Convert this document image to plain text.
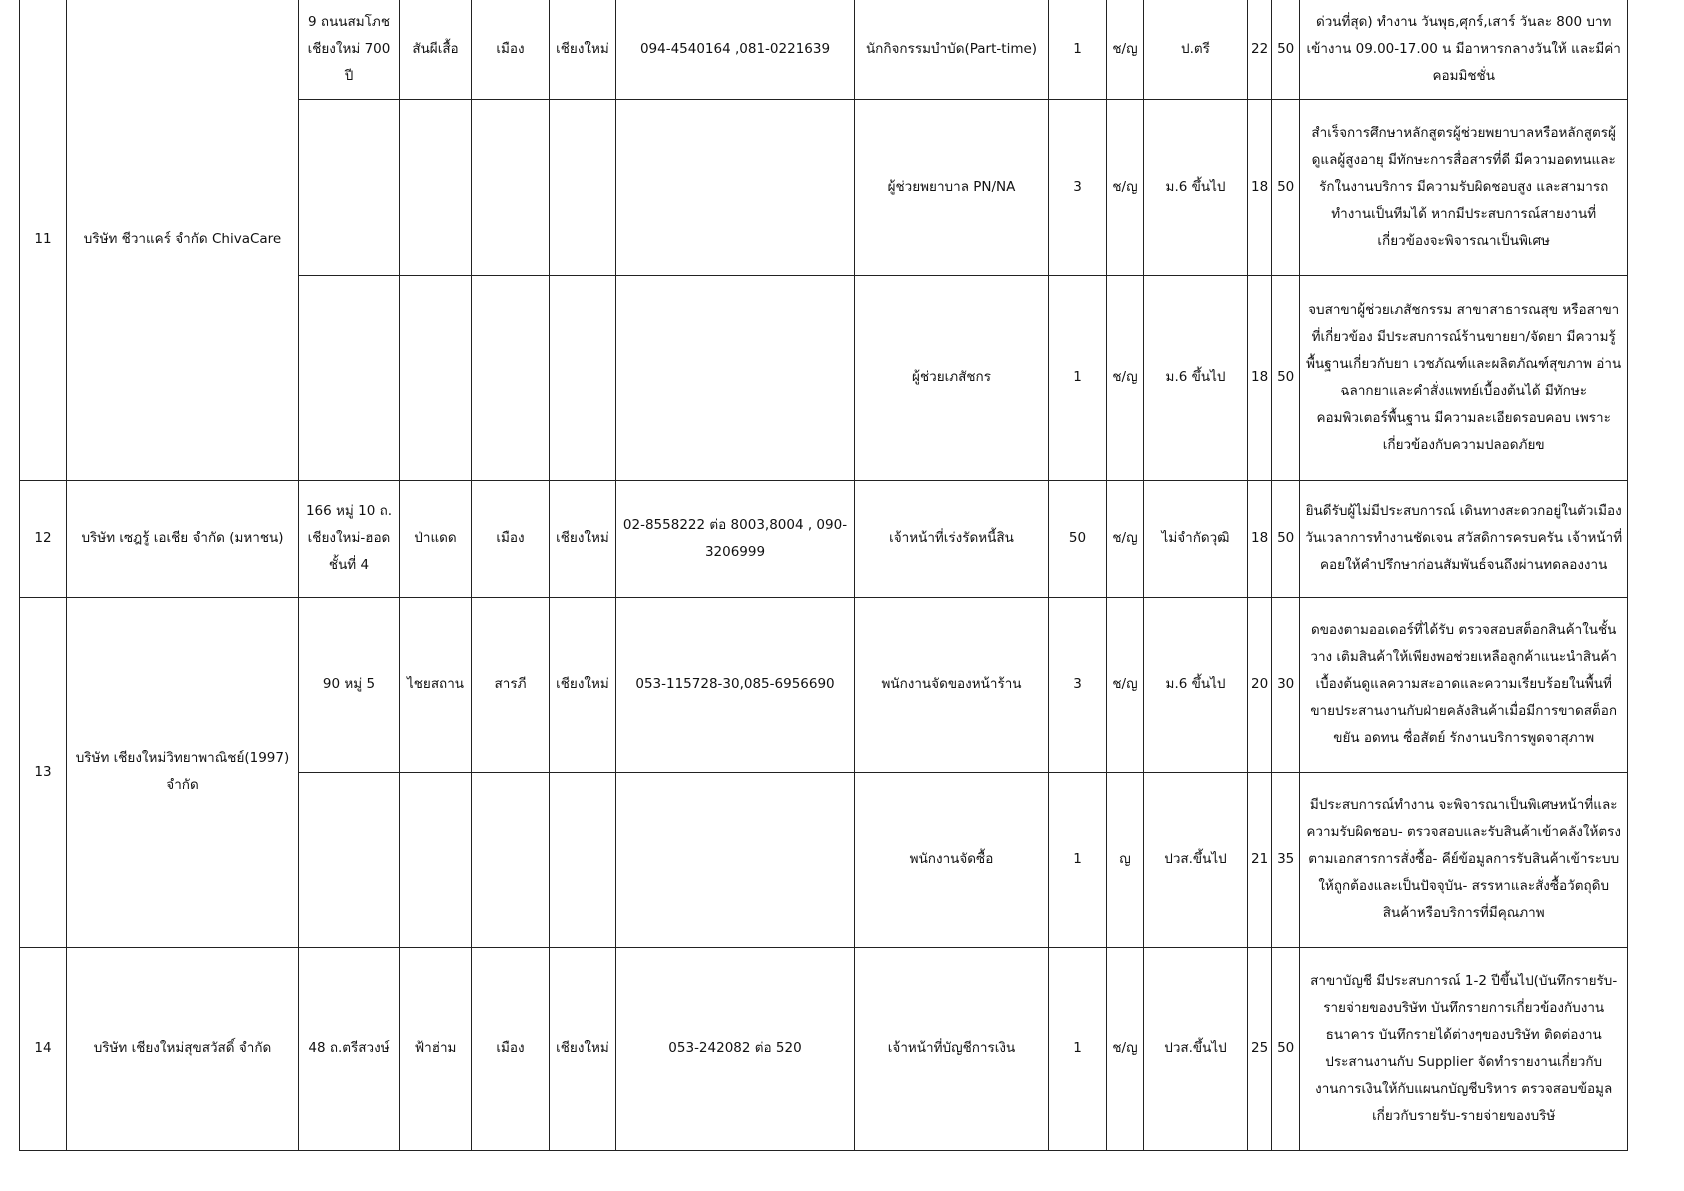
11	บริษัท ชีวาแคร์ จำกัด ChivaCare	9 ถนนสมโภช เชียงใหม่ 700 ปี	สันผีเสื้อ	เมือง	เชียงใหม่	094-4540164 ,081-0221639	นักกิจกรรมบำบัด(Part-time)	1	ช/ญ	ป.ตรี	22	50	ด่วนที่สุด) ทำงาน วันพุธ,ศุกร์,เสาร์ วันละ 800 บาท เข้างาน 09.00-17.00 น มีอาหารกลางวันให้ และมีค่าคอมมิชชั่น
							ผู้ช่วยพยาบาล PN/NA	3	ช/ญ	ม.6 ขึ้นไป	18	50	สำเร็จการศึกษาหลักสูตรผู้ช่วยพยาบาลหรือหลักสูตรผู้ดูแลผู้สูงอายุ มีทักษะการสื่อสารที่ดี มีความอดทนและรักในงานบริการ มีความรับผิดชอบสูง และสามารถทำงานเป็นทีมได้ หากมีประสบการณ์สายงานที่เกี่ยวข้องจะพิจารณาเป็นพิเศษ
							ผู้ช่วยเภสัชกร	1	ช/ญ	ม.6 ขึ้นไป	18	50	จบสาขาผู้ช่วยเภสัชกรรม สาขาสาธารณสุข หรือสาขาที่เกี่ยวข้อง มีประสบการณ์ร้านขายยา/จัดยา มีความรู้พื้นฐานเกี่ยวกับยา เวชภัณฑ์และผลิตภัณฑ์สุขภาพ อ่านฉลากยาและคำสั่งแพทย์เบื้องต้นได้ มีทักษะคอมพิวเตอร์พื้นฐาน มีความละเอียดรอบคอบ เพราะเกี่ยวข้องกับความปลอดภัยข
12	บริษัท เซฎรู้ เอเชีย จำกัด (มหาชน)	166 หมู่ 10 ถ. เชียงใหม่-ฮอด ชั้นที่ 4	ป่าแดด	เมือง	เชียงใหม่	02-8558222 ต่อ 8003,8004 , 090-3206999	เจ้าหน้าที่เร่งรัดหนี้สิน	50	ช/ญ	ไม่จำกัดวุฒิ	18	50	ยินดีรับผู้ไม่มีประสบการณ์ เดินทางสะดวกอยู่ในตัวเมือง วันเวลาการทำงานชัดเจน สวัสดิการครบครัน เจ้าหน้าที่คอยให้คำปรึกษาก่อนสัมพันธ์จนถึงผ่านทดลองงาน
13	บริษัท เชียงใหม่วิทยาพาณิชย์(1997) จำกัด	90 หมู่ 5	ไชยสถาน	สารภี	เชียงใหม่	053-115728-30,085-6956690	พนักงานจัดของหน้าร้าน	3	ช/ญ	ม.6 ขึ้นไป	20	30	ดของตามออเดอร์ที่ได้รับ ตรวจสอบสต็อกสินค้าในชั้นวาง เติมสินค้าให้เพียงพอช่วยเหลือลูกค้าแนะนำสินค้าเบื้องต้นดูแลความสะอาดและความเรียบร้อยในพื้นที่ขายประสานงานกับฝ่ายคลังสินค้าเมื่อมีการขาดสต็อก ขยัน อดทน ซื่อสัตย์ รักงานบริการพูดจาสุภาพ
							พนักงานจัดซื้อ	1	ญ	ปวส.ขึ้นไป	21	35	มีประสบการณ์ทำงาน จะพิจารณาเป็นพิเศษหน้าที่และความรับผิดชอบ- ตรวจสอบและรับสินค้าเข้าคลังให้ตรงตามเอกสารการสั่งซื้อ- คีย์ข้อมูลการรับสินค้าเข้าระบบให้ถูกต้องและเป็นปัจจุบัน- สรรหาและสั่งซื้อวัตถุดิบ สินค้าหรือบริการที่มีคุณภาพ
14	บริษัท เชียงใหม่สุขสวัสดิ์ จำกัด	48 ถ.ตรีสวงษ์	ฟ้าฮ่าม	เมือง	เชียงใหม่	053-242082 ต่อ 520	เจ้าหน้าที่บัญชีการเงิน	1	ช/ญ	ปวส.ขึ้นไป	25	50	สาขาบัญชี มีประสบการณ์ 1-2 ปีขึ้นไป(บันทึกรายรับ-รายจ่ายของบริษัท บันทึกรายการเกี่ยวข้องกับงานธนาคาร บันทึกรายได้ต่างๆของบริษัท ติดต่องานประสานงานกับ Supplier จัดทำรายงานเกี่ยวกับงานการเงินให้กับแผนกบัญชีบริหาร ตรวจสอบข้อมูลเกี่ยวกับรายรับ-รายจ่ายของบริษั
